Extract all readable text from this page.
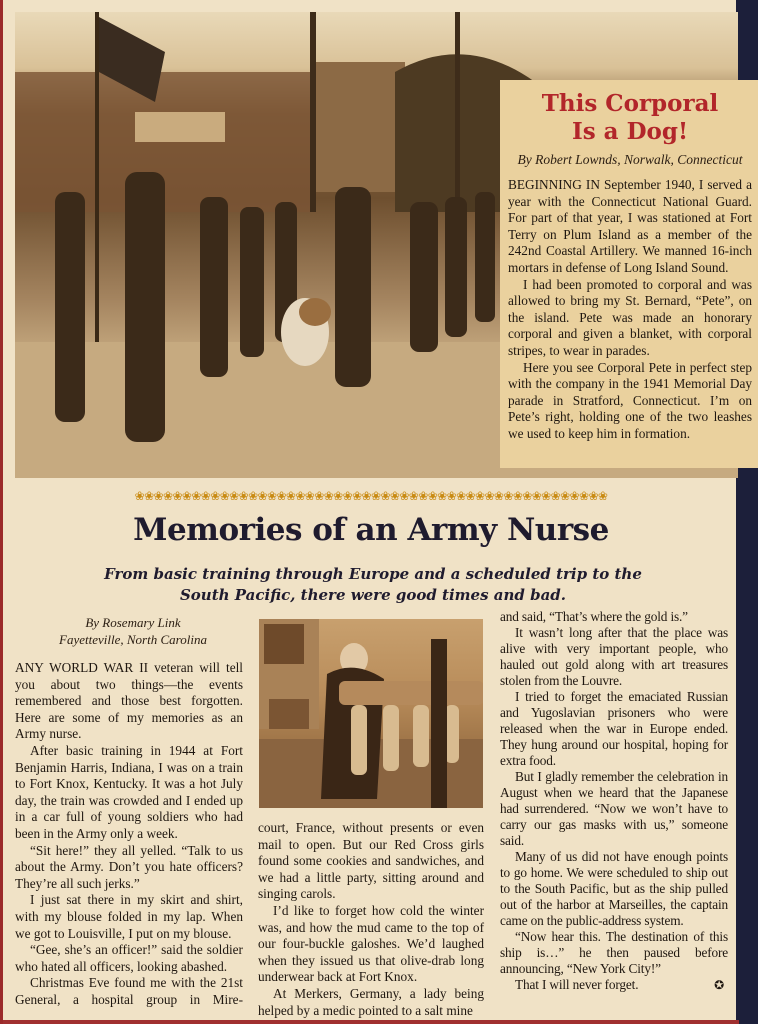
This Corporal
Is a Dog!
By Robert Lownds, Norwalk, Connecticut

BEGINNING IN September 1940, I served a year with the Connecticut National Guard. For part of that year, I was stationed at Fort Terry on Plum Island as a member of the 242nd Coastal Artillery. We manned 16-inch mortars in defense of Long Island Sound.

I had been promoted to corporal and was allowed to bring my St. Bernard, “Pete”, on the island. Pete was made an honorary corporal and given a blanket, with corporal stripes, to wear in parades.

Here you see Corporal Pete in perfect step with the company in the 1941 Memorial Day parade in Stratford, Connecticut. I’m on Pete’s right, holding one of the two leashes we used to keep him in formation.

❀❀❀❀❀❀❀❀❀❀❀❀❀❀❀❀❀❀❀❀❀❀❀❀❀❀❀❀❀❀❀❀❀❀❀❀❀❀❀❀❀❀❀❀❀❀❀❀❀❀
Memories of an Army Nurse
From basic training through Europe and a scheduled trip to the
South Pacific, there were good times and bad.
By Rosemary Link
Fayetteville, North Carolina

ANY WORLD WAR II veteran will tell you about two things—the events remembered and those best forgotten. Here are some of my memories as an Army nurse.

After basic training in 1944 at Fort Benjamin Harris, Indiana, I was on a train to Fort Knox, Kentucky. It was a hot July day, the train was crowded and I ended up in a car full of young soldiers who had been in the Army only a week.

“Sit here!” they all yelled. “Talk to us about the Army. Don’t you hate officers? They’re all such jerks.”

I just sat there in my skirt and shirt, with my blouse folded in my lap. When we got to Louisville, I put on my blouse.

“Gee, she’s an officer!” said the soldier who hated all officers, looking abashed.

Christmas Eve found me with the 21st General, a hospital group in Mire-

court, France, without presents or even mail to open. But our Red Cross girls found some cookies and sandwiches, and we had a little party, sitting around and singing carols.

I’d like to forget how cold the winter was, and how the mud came to the top of our four-buckle galoshes. We’d laughed when they issued us that olive-drab long underwear back at Fort Knox.

At Merkers, Germany, a lady being helped by a medic pointed to a salt mine

and said, “That’s where the gold is.”

It wasn’t long after that the place was alive with very important people, who hauled out gold along with art treasures stolen from the Louvre.

I tried to forget the emaciated Russian and Yugoslavian prisoners who were released when the war in Europe ended. They hung around our hospital, hoping for extra food.

But I gladly remember the celebration in August when we heard that the Japanese had surrendered. “Now we won’t have to carry our gas masks with us,” someone said.

Many of us did not have enough points to go home. We were scheduled to ship out to the South Pacific, but as the ship pulled out of the harbor at Marseilles, the captain came on the public-address system.

“Now hear this. The destination of this ship is…” he then paused before announcing, “New York City!”

That I will never forget.	✪
